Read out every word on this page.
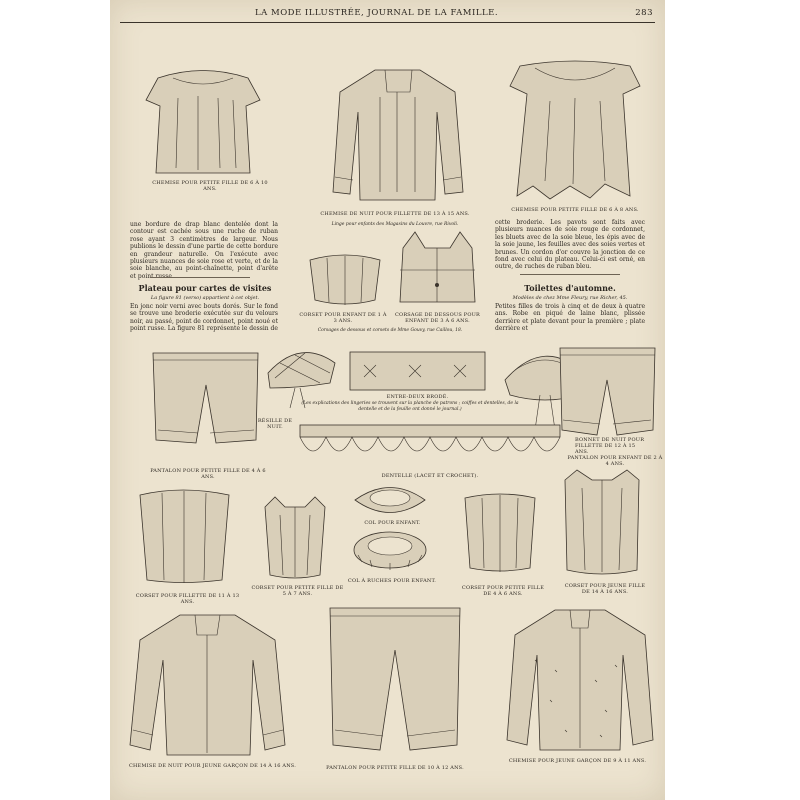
LA MODE ILLUSTRÉE, JOURNAL DE LA FAMILLE.	283
CHEMISE POUR PETITE FILLE DE 6 À 10 ANS.
CHEMISE DE NUIT POUR FILLETTE DE 13 À 15 ANS.
Linge pour enfants des Magasins du Louvre, rue Rivoli.
CHEMISE POUR PETITE FILLE DE 6 À 8 ANS.
une bordure de drap blanc dentelée dont la contour est cachée sous une ruche de ruban rose ayant 3 centimètres de largeur. Nous publions le dessin d'une partie de cette bordure en grandeur naturelle. On l'exécute avec plusieurs nuances de soie rose et verte, et de la soie blanche, au point-chaînette, point d'arête et point russe.
Plateau pour cartes de visites
La figure 81 (verso) appartient à cet objet.
En jonc noir verni avec bouts dorés. Sur le fond se trouve une broderie exécutée sur du velours noir, au passé, point de cordonnet, point noué et point russe. La figure 81 représente le dessin de
cette broderie. Les pavots sont faits avec plusieurs nuances de soie rouge de cordonnet, les bluets avec de la soie bleue, les épis avec de la soie jaune, les feuilles avec des soies vertes et brunes. Un cordon d'or couvre la jonction de ce fond avec celui du plateau. Celui-ci est orné, en outre, de ruches de ruban bleu.
Toilettes d'automne.
Modèles de chez Mme Fleury, rue Richer, 45.
Petites filles de trois à cinq et de deux à quatre ans. Robe en piqué de laine blanc, plissée derrière et plate devant pour la première ; plate derrière et
CORSET POUR ENFANT DE 1 À 3 ANS.
CORSAGE DE DESSOUS POUR ENFANT DE 3 À 6 ANS.
Corsages de dessous et corsets de Mme Gouvy, rue Caillou, 18.
PANTALON POUR PETITE FILLE DE 4 À 6 ANS.
RÉSILLE DE NUIT.
ENTRE-DEUX BRODÉ.
(Les explications des lingeries se trouvent sur la planche de patrons ; coiffes et dentelles, de la dentelle et de la feuille ont donné le journal.)
BONNET DE NUIT POUR FILLETTE DE 12 À 15 ANS.
DENTELLE (LACET ET CROCHET).
PANTALON POUR ENFANT DE 2 À 4 ANS.
CORSET POUR FILLETTE DE 11 À 13 ANS.
CORSET POUR PETITE FILLE DE 5 À 7 ANS.
COL POUR ENFANT.
COL À RUCHES POUR ENFANT.
CORSET POUR PETITE FILLE DE 4 À 6 ANS.
CORSET POUR JEUNE FILLE DE 14 À 16 ANS.
CHEMISE DE NUIT POUR JEUNE GARÇON DE 14 À 16 ANS.	PANTALON POUR PETITE FILLE DE 10 À 12 ANS.
CHEMISE POUR JEUNE GARÇON DE 9 À 11 ANS.
